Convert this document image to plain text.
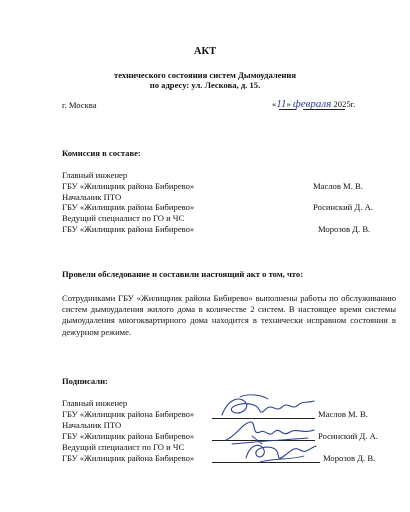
АКТ
технического состояния систем Дымоудаления
по адресу: ул. Лескова, д. 15.
г. Москва	«11» февраля 2025г.
Комиссия в составе:
Главный инженер
ГБУ «Жилищник района Бибирево»	Маслов М. В.
Начальник ПТО
ГБУ «Жилищник района Бибирево»	Росинский Д. А.
Ведущий специалист по ГО и ЧС
ГБУ «Жилищник района Бибирево»	Морозов Д. В.
Провели обследование и составили настоящий акт о том, что:
Сотрудниками ГБУ «Жилищник района Бибирево» выполнены работы по обслуживанию систем дымоудаления жилого дома в количестве 2 систем. В настоящее время системы дымоудаления многоквартирного дома находится в технически исправном состоянии в дежурном режиме.
Подписали:
Главный инженер
ГБУ «Жилищник района Бибирево»	Маслов М. В.
Начальник ПТО
ГБУ «Жилищник района Бибирево»	Росинский Д. А.
Ведущий специалист по ГО и ЧС
ГБУ «Жилищник района Бибирево»	Морозов Д. В.
